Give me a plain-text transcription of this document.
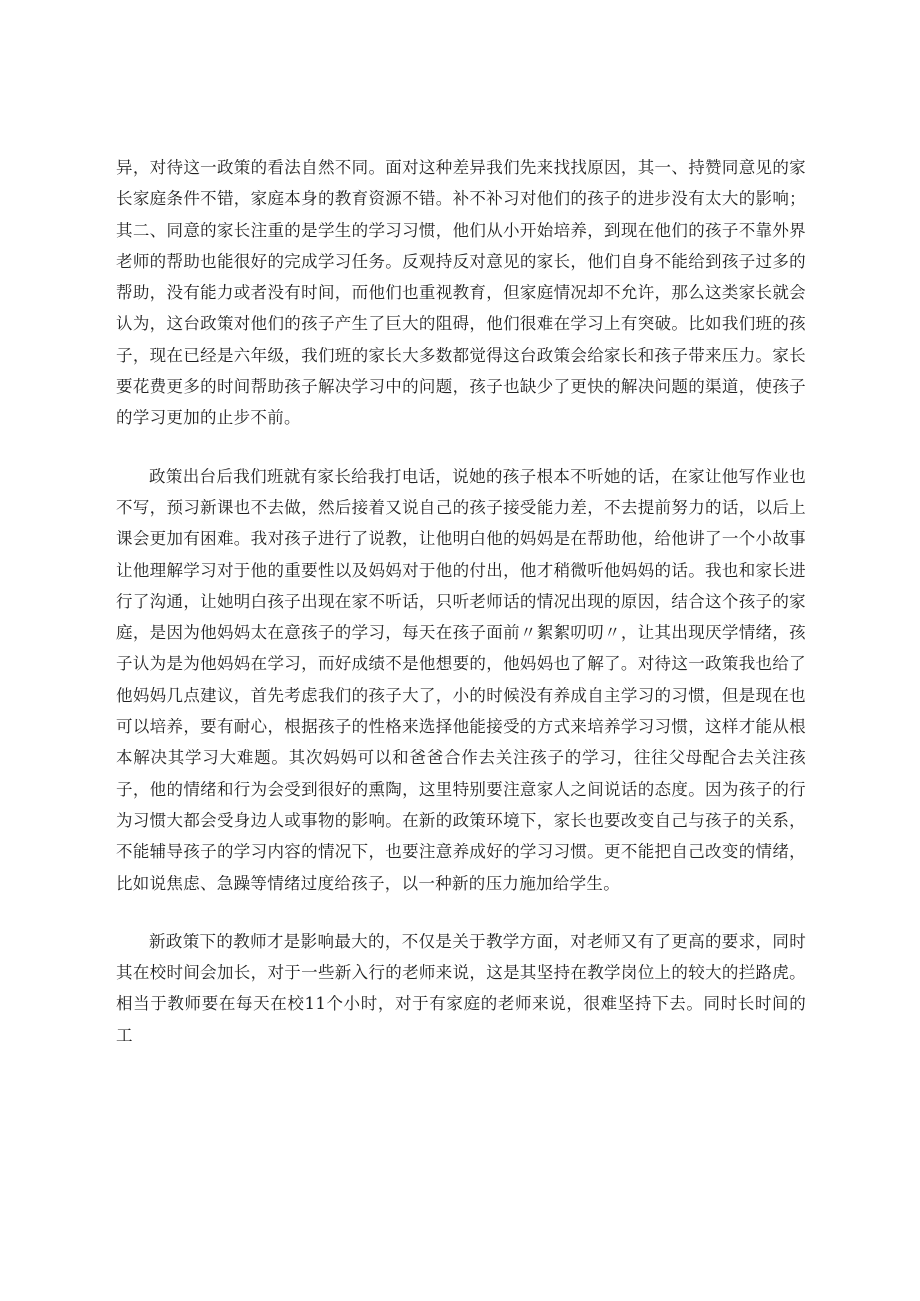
异，对待这一政策的看法自然不同。面对这种差异我们先来找找原因，其一、持赞同意见的家长家庭条件不错，家庭本身的教育资源不错。补不补习对他们的孩子的进步没有太大的影响；其二、同意的家长注重的是学生的学习习惯，他们从小开始培养，到现在他们的孩子不靠外界老师的帮助也能很好的完成学习任务。反观持反对意见的家长，他们自身不能给到孩子过多的帮助，没有能力或者没有时间，而他们也重视教育，但家庭情况却不允许，那么这类家长就会认为，这台政策对他们的孩子产生了巨大的阻碍，他们很难在学习上有突破。比如我们班的孩子，现在已经是六年级，我们班的家长大多数都觉得这台政策会给家长和孩子带来压力。家长要花费更多的时间帮助孩子解决学习中的问题，孩子也缺少了更快的解决问题的渠道，使孩子的学习更加的止步不前。

政策出台后我们班就有家长给我打电话，说她的孩子根本不听她的话，在家让他写作业也不写，预习新课也不去做，然后接着又说自己的孩子接受能力差，不去提前努力的话，以后上课会更加有困难。我对孩子进行了说教，让他明白他的妈妈是在帮助他，给他讲了一个小故事让他理解学习对于他的重要性以及妈妈对于他的付出，他才稍微听他妈妈的话。我也和家长进行了沟通，让她明白孩子出现在家不听话，只听老师话的情况出现的原因，结合这个孩子的家庭，是因为他妈妈太在意孩子的学习，每天在孩子面前〃絮絮叨叨〃，让其出现厌学情绪，孩子认为是为他妈妈在学习，而好成绩不是他想要的，他妈妈也了解了。对待这一政策我也给了他妈妈几点建议，首先考虑我们的孩子大了，小的时候没有养成自主学习的习惯，但是现在也可以培养，要有耐心，根据孩子的性格来选择他能接受的方式来培养学习习惯，这样才能从根本解决其学习大难题。其次妈妈可以和爸爸合作去关注孩子的学习，往往父母配合去关注孩子，他的情绪和行为会受到很好的熏陶，这里特别要注意家人之间说话的态度。因为孩子的行为习惯大都会受身边人或事物的影响。在新的政策环境下，家长也要改变自己与孩子的关系，不能辅导孩子的学习内容的情况下，也要注意养成好的学习习惯。更不能把自己改变的情绪，比如说焦虑、急躁等情绪过度给孩子，以一种新的压力施加给学生。

新政策下的教师才是影响最大的，不仅是关于教学方面，对老师又有了更高的要求，同时其在校时间会加长，对于一些新入行的老师来说，这是其坚持在教学岗位上的较大的拦路虎。相当于教师要在每天在校11个小时，对于有家庭的老师来说，很难坚持下去。同时长时间的工
